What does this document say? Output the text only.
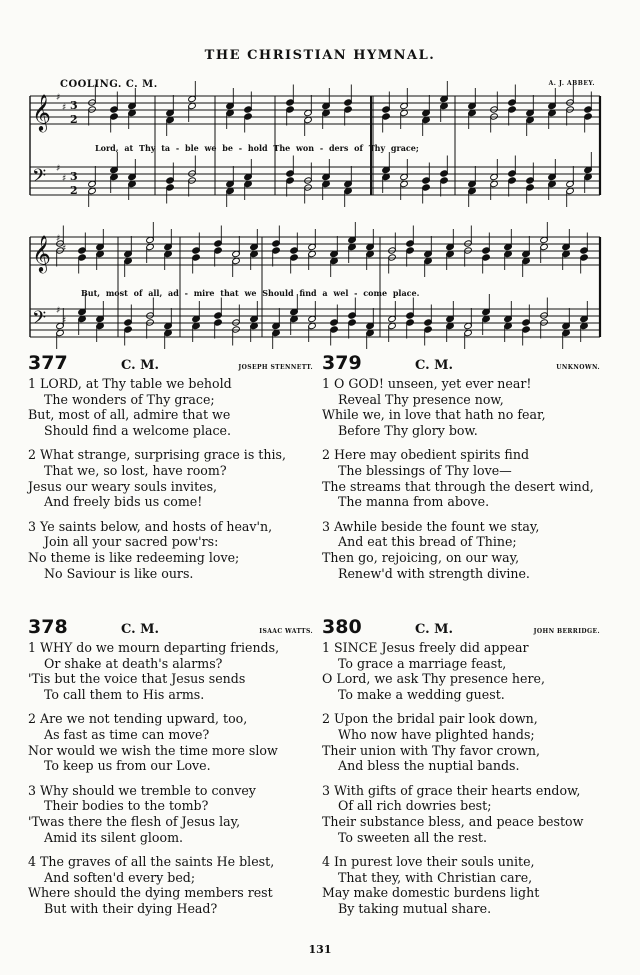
THE CHRISTIAN HYMNAL.
COOLING. C. M.	A. J. ABBEY.
𝄞 ♯
♯ 3
2
𝄢 ♯
♯ 3
2
𝄞 ♯
♯
𝄢 ♯
♯
Lord, at Thy ta - ble we be - hold The won - ders of Thy grace;
But, most of all, ad - mire that we Should find a wel - come place.
377	C. M.	JOSEPH STENNETT.
1 LORD, at Thy table we behold
The wonders of Thy grace;
But, most of all, admire that we
Should find a welcome place.
2 What strange, surprising grace is this,
That we, so lost, have room?
Jesus our weary souls invites,
And freely bids us come!
3 Ye saints below, and hosts of heav'n,
Join all your sacred pow'rs:
No theme is like redeeming love;
No Saviour is like ours.
378	C. M.	ISAAC WATTS.
1 WHY do we mourn departing friends,
Or shake at death's alarms?
'Tis but the voice that Jesus sends
To call them to His arms.
2 Are we not tending upward, too,
As fast as time can move?
Nor would we wish the time more slow
To keep us from our Love.
3 Why should we tremble to convey
Their bodies to the tomb?
'Twas there the flesh of Jesus lay,
Amid its silent gloom.
4 The graves of all the saints He blest,
And soften'd every bed;
Where should the dying members rest
But with their dying Head?
379	C. M.	UNKNOWN.
1 O GOD! unseen, yet ever near!
Reveal Thy presence now,
While we, in love that hath no fear,
Before Thy glory bow.
2 Here may obedient spirits find
The blessings of Thy love—
The streams that through the desert wind,
The manna from above.
3 Awhile beside the fount we stay,
And eat this bread of Thine;
Then go, rejoicing, on our way,
Renew'd with strength divine.
380	C. M.	JOHN BERRIDGE.
1 SINCE Jesus freely did appear
To grace a marriage feast,
O Lord, we ask Thy presence here,
To make a wedding guest.
2 Upon the bridal pair look down,
Who now have plighted hands;
Their union with Thy favor crown,
And bless the nuptial bands.
3 With gifts of grace their hearts endow,
Of all rich dowries best;
Their substance bless, and peace bestow
To sweeten all the rest.
4 In purest love their souls unite,
That they, with Christian care,
May make domestic burdens light
By taking mutual share.
131
